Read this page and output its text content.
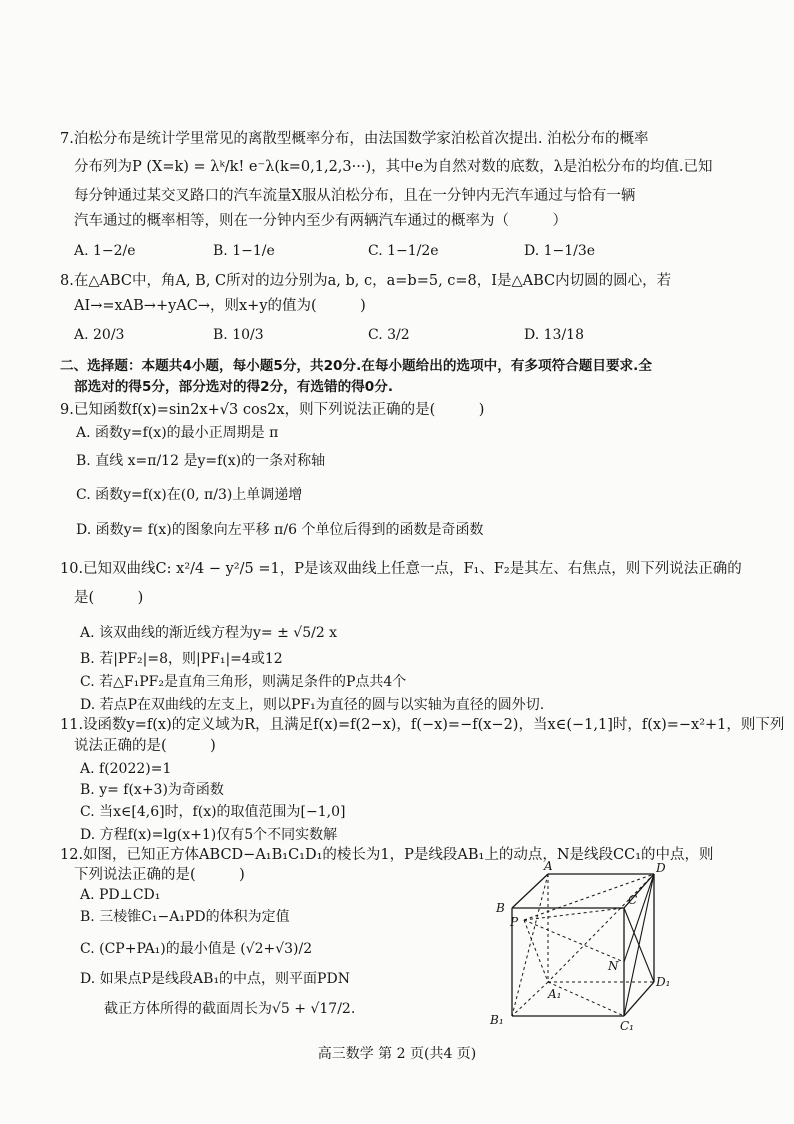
7.泊松分布是统计学里常见的离散型概率分布，由法国数学家泊松首次提出. 泊松分布的概率
分布列为P (X=k) = λᵏ/k! e⁻λ(k=0,1,2,3···)，其中e为自然对数的底数，λ是泊松分布的均值.已知
每分钟通过某交叉路口的汽车流量X服从泊松分布，且在一分钟内无汽车通过与恰有一辆
汽车通过的概率相等，则在一分钟内至少有两辆汽车通过的概率为（　　　）
A. 1−2/e	B. 1−1/e	C. 1−1/2e	D. 1−1/3e
8.在△ABC中，角A, B, C所对的边分别为a, b, c，a=b=5, c=8，I是△ABC内切圆的圆心，若
AI→=xAB→+yAC→，则x+y的值为(　　　)
A. 20/3	B. 10/3	C. 3/2	D. 13/18
二、选择题：本题共4小题，每小题5分，共20分.在每小题给出的选项中，有多项符合题目要求.全
部选对的得5分，部分选对的得2分，有选错的得0分.
9.已知函数f(x)=sin2x+√3 cos2x，则下列说法正确的是(　　　)
A. 函数y=f(x)的最小正周期是 π
B. 直线 x=π/12 是y=f(x)的一条对称轴
C. 函数y=f(x)在(0, π/3)上单调递增
D. 函数y= f(x)的图象向左平移 π/6 个单位后得到的函数是奇函数
10.已知双曲线C: x²/4 − y²/5 =1，P是该双曲线上任意一点，F₁、F₂是其左、右焦点，则下列说法正确的
是(　　　)
A. 该双曲线的渐近线方程为y= ± √5/2 x
B. 若|PF₂|=8，则|PF₁|=4或12
C. 若△F₁PF₂是直角三角形，则满足条件的P点共4个
D. 若点P在双曲线的左支上，则以PF₁为直径的圆与以实轴为直径的圆外切.
11.设函数y=f(x)的定义域为R，且满足f(x)=f(2−x)，f(−x)=−f(x−2)，当x∈(−1,1]时，f(x)=−x²+1，则下列
说法正确的是(　　　)
A. f(2022)=1
B. y= f(x+3)为奇函数
C. 当x∈[4,6]时，f(x)的取值范围为[−1,0]
D. 方程f(x)=lg(x+1)仅有5个不同实数解
12.如图，已知正方体ABCD−A₁B₁C₁D₁的棱长为1，P是线段AB₁上的动点，N是线段CC₁的中点，则
下列说法正确的是(　　　)
A. PD⊥CD₁
B. 三棱锥C₁−A₁PD的体积为定值
C. (CP+PA₁)的最小值是 (√2+√3)/2
D. 如果点P是线段AB₁的中点，则平面PDN
截正方体所得的截面周长为√5 + √17/2.
A	D
B
C
P
N
A₁
D₁
B₁	C₁
高三数学 第 2 页(共4 页)
